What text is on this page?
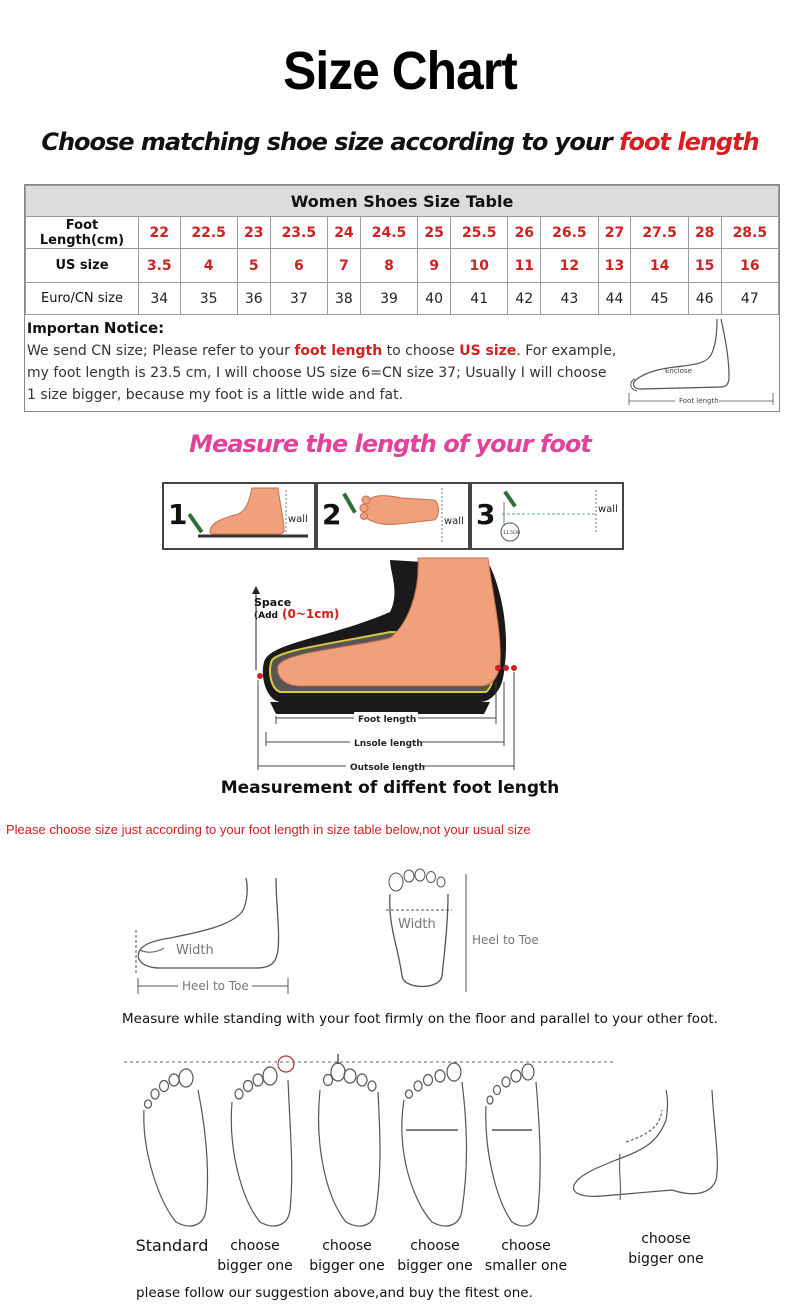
Size Chart
Choose matching shoe size according to your foot length
Women Shoes Size Table														
Foot Length(cm)	22	22.5	23	23.5	24	24.5	25	25.5	26	26.5	27	27.5	28	28.5
US size	3.5	4	5	6	7	8	9	10	11	12	13	14	15	16
Euro/CN size	34	35	36	37	38	39	40	41	42	43	44	45	46	47
Importan Notice:
We send CN size; Please refer to your foot length to choose US size. For example,
my foot length is 23.5 cm, I will choose US size 6=CN size 37; Usually I will choose
1 size bigger, because my foot is a little wide and fat.
Enclose
Foot length
Measure the length of your foot
1	wall 2	wall 3
11.5CM
wall
Space
(Add (0~1cm)
Foot length
Lnsole length
Outsole length
Measurement of diffent foot length
Please choose size just according to your foot length in size table below,not your usual size
Width
Heel to Toe
Width
Heel to Toe
Measure while standing with your foot firmly on the floor and parallel to your other foot.
Standard	choose
bigger one
choose
bigger one
choose
bigger one
choose
smaller one
choose
bigger one
please follow our suggestion above,and buy the fitest one.
